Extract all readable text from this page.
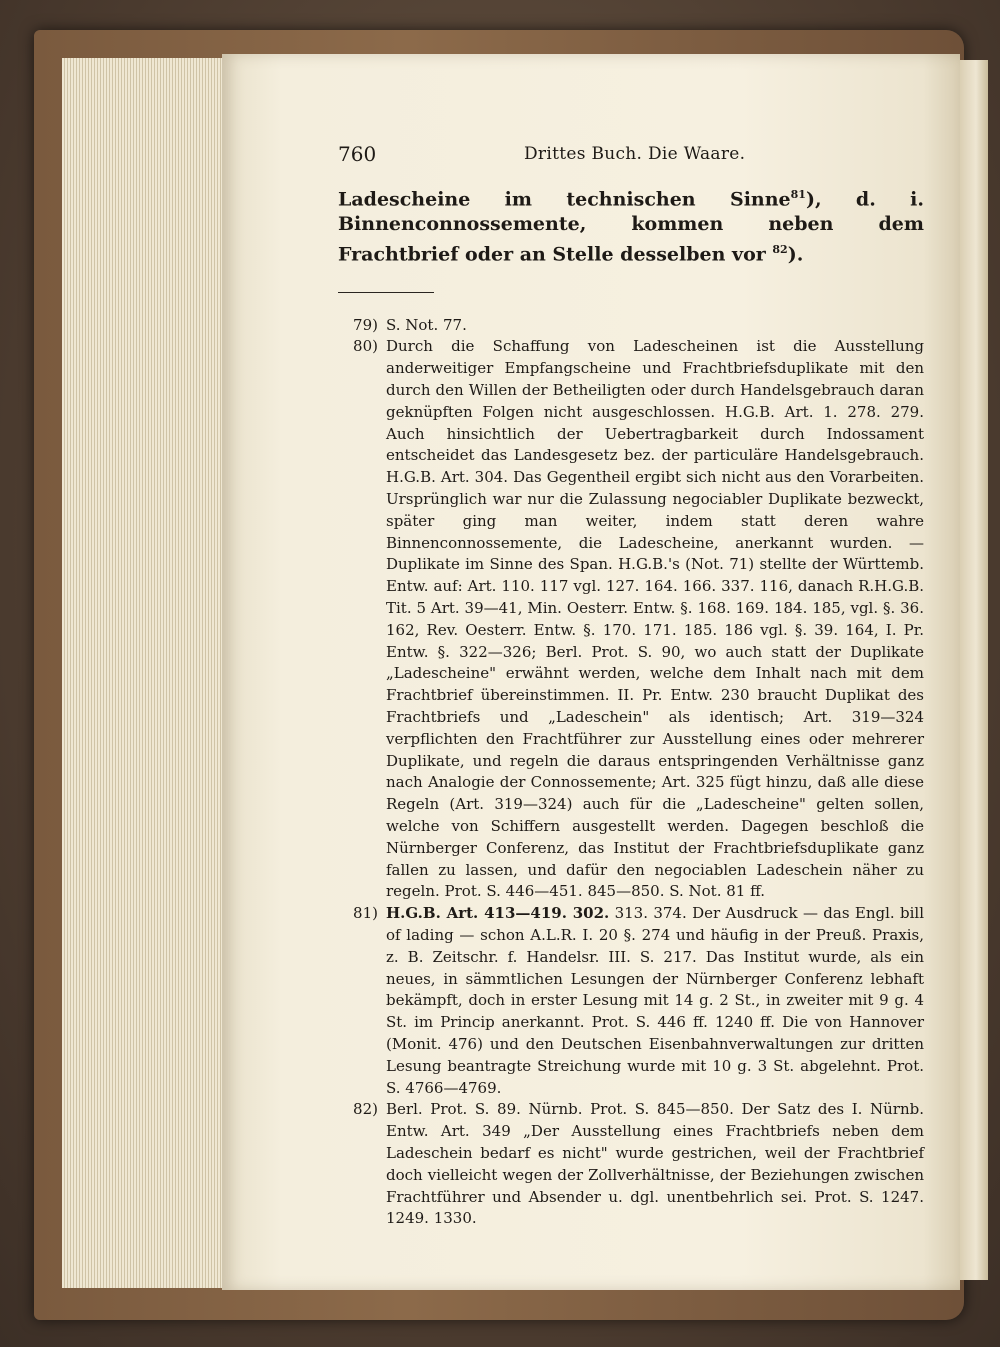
760	Drittes Buch. Die Waare.
Ladescheine im technischen Sinne$^{81}$), d. i. Binnenconnossemente, kommen neben dem Frachtbrief oder an Stelle desselben vor $^{82}$).
79) S. Not. 77.

80) Durch die Schaffung von Ladescheinen ist die Ausstellung anderweitiger Empfangscheine und Frachtbriefsduplikate mit den durch den Willen der Betheiligten oder durch Handelsgebrauch daran geknüpften Folgen nicht ausgeschlossen. H.G.B. Art. 1. 278. 279. Auch hinsichtlich der Uebertragbarkeit durch Indossament entscheidet das Landesgesetz bez. der particuläre Handelsgebrauch. H.G.B. Art. 304. Das Gegentheil ergibt sich nicht aus den Vorarbeiten. Ursprünglich war nur die Zulassung negociabler Duplikate bezweckt, später ging man weiter, indem statt deren wahre Binnenconnossemente, die Ladescheine, anerkannt wurden. — Duplikate im Sinne des Span. H.G.B.'s (Not. 71) stellte der Württemb. Entw. auf: Art. 110. 117 vgl. 127. 164. 166. 337. 116, danach R.H.G.B. Tit. 5 Art. 39—41, Min. Oesterr. Entw. §. 168. 169. 184. 185, vgl. §. 36. 162, Rev. Oesterr. Entw. §. 170. 171. 185. 186 vgl. §. 39. 164, I. Pr. Entw. §. 322—326; Berl. Prot. S. 90, wo auch statt der Duplikate „Ladescheine" erwähnt werden, welche dem Inhalt nach mit dem Frachtbrief übereinstimmen. II. Pr. Entw. 230 braucht Duplikat des Frachtbriefs und „Ladeschein" als identisch; Art. 319—324 verpflichten den Frachtführer zur Ausstellung eines oder mehrerer Duplikate, und regeln die daraus entspringenden Verhältnisse ganz nach Analogie der Connossemente; Art. 325 fügt hinzu, daß alle diese Regeln (Art. 319—324) auch für die „Ladescheine" gelten sollen, welche von Schiffern ausgestellt werden. Dagegen beschloß die Nürnberger Conferenz, das Institut der Frachtbriefsduplikate ganz fallen zu lassen, und dafür den negociablen Ladeschein näher zu regeln. Prot. S. 446—451. 845—850. S. Not. 81 ff.

81) H.G.B. Art. 413—419. 302. 313. 374. Der Ausdruck — das Engl. bill of lading — schon A.L.R. I. 20 §. 274 und häufig in der Preuß. Praxis, z. B. Zeitschr. f. Handelsr. III. S. 217. Das Institut wurde, als ein neues, in sämmtlichen Lesungen der Nürnberger Conferenz lebhaft bekämpft, doch in erster Lesung mit 14 g. 2 St., in zweiter mit 9 g. 4 St. im Princip anerkannt. Prot. S. 446 ff. 1240 ff. Die von Hannover (Monit. 476) und den Deutschen Eisenbahnverwaltungen zur dritten Lesung beantragte Streichung wurde mit 10 g. 3 St. abgelehnt. Prot. S. 4766—4769.

82) Berl. Prot. S. 89. Nürnb. Prot. S. 845—850. Der Satz des I. Nürnb. Entw. Art. 349 „Der Ausstellung eines Frachtbriefs neben dem Ladeschein bedarf es nicht" wurde gestrichen, weil der Frachtbrief doch vielleicht wegen der Zollverhältnisse, der Beziehungen zwischen Frachtführer und Absender u. dgl. unentbehrlich sei. Prot. S. 1247. 1249. 1330.
